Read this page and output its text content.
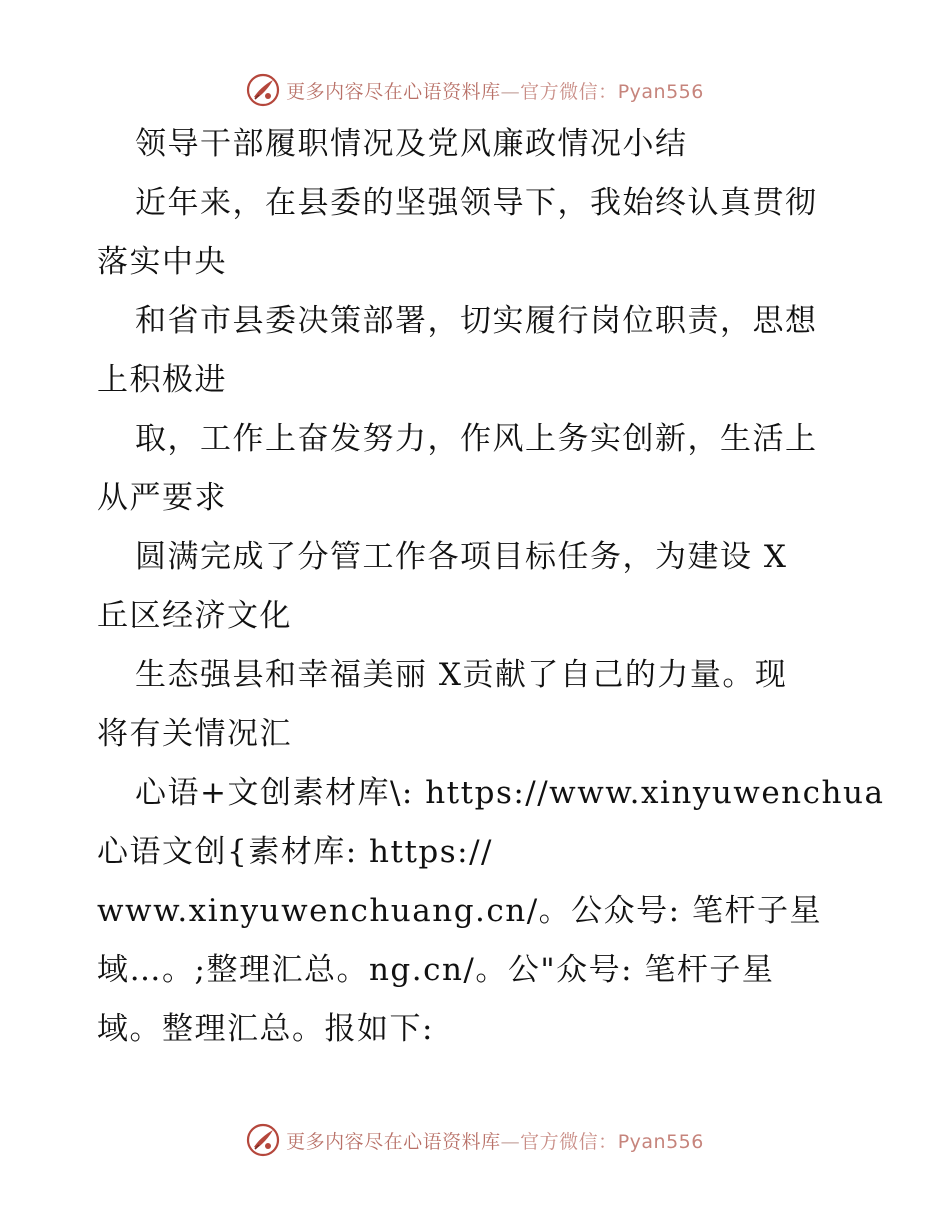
更多内容尽在心语资料库—官方微信：Pyan556
领导干部履职情况及党风廉政情况小结
近年来，在县委的坚强领导下，我始终认真贯彻
落实中央
和省市县委决策部署，切实履行岗位职责，思想
上积极进
取，工作上奋发努力，作风上务实创新，生活上
从严要求
圆满完成了分管工作各项目标任务，为建设 X
丘区经济文化
生态强县和幸福美丽 X贡献了自己的力量。现
将有关情况汇
心语+文创素材库\: https://www.xinyuwenchua
心语文创{素材库: https://
www.xinyuwenchuang.cn/。公众号: 笔杆子星
域…。;整理汇总。ng.cn/。公"众号: 笔杆子星
域。整理汇总。报如下:
更多内容尽在心语资料库—官方微信：Pyan556
